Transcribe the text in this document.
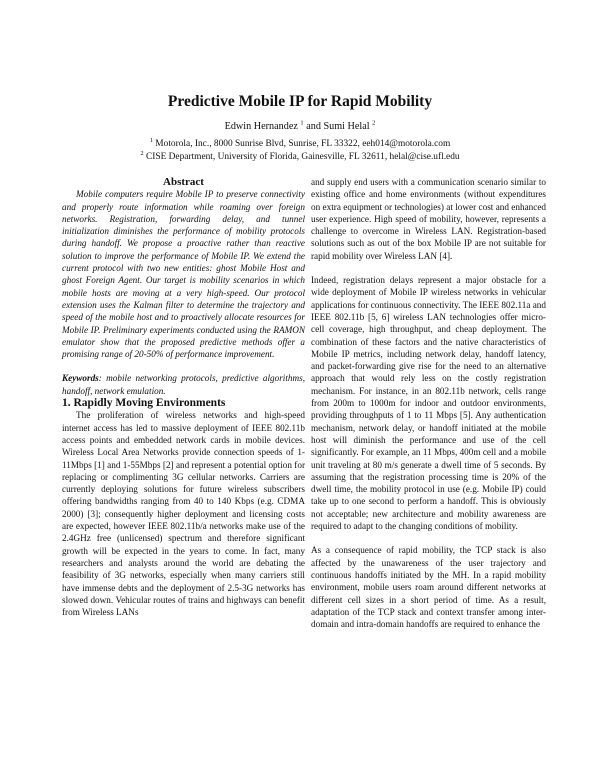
Predictive Mobile IP for Rapid Mobility
Edwin Hernandez $^1$ and Sumi Helal $^2$
$^1$ Motorola, Inc., 8000 Sunrise Blvd, Sunrise, FL 33322, eeh014@motorola.com
$^2$ CISE Department, University of Florida, Gainesville, FL 32611, helal@cise.ufl.edu

Abstract

Mobile computers require Mobile IP to preserve connectivity and properly route information while roaming over foreign networks. Registration, forwarding delay, and tunnel initialization diminishes the performance of mobility protocols during handoff. We propose a proactive rather than reactive solution to improve the performance of Mobile IP. We extend the current protocol with two new entities: ghost Mobile Host and ghost Foreign Agent. Our target is mobility scenarios in which mobile hosts are moving at a very high-speed. Our protocol extension uses the Kalman filter to determine the trajectory and speed of the mobile host and to proactively allocate resources for Mobile IP. Preliminary experiments conducted using the RAMON emulator show that the proposed predictive methods offer a promising range of 20-50% of performance improvement.

Keywords: mobile networking protocols, predictive algorithms, handoff, network emulation.

1. Rapidly Moving Environments

The proliferation of wireless networks and high-speed internet access has led to massive deployment of IEEE 802.11b access points and embedded network cards in mobile devices. Wireless Local Area Networks provide connection speeds of 1-11Mbps [1] and 1-55Mbps [2] and represent a potential option for replacing or complimenting 3G cellular networks. Carriers are currently deploying solutions for future wireless subscribers offering bandwidths ranging from 40 to 140 Kbps (e.g. CDMA 2000) [3]; consequently higher deployment and licensing costs are expected, however IEEE 802.11b/a networks make use of the 2.4GHz free (unlicensed) spectrum and therefore significant growth will be expected in the years to come. In fact, many researchers and analysts around the world are debating the feasibility of 3G networks, especially when many carriers still have immense debts and the deployment of 2.5-3G networks has slowed down. Vehicular routes of trains and highways can benefit from Wireless LANs

and supply end users with a communication scenario similar to existing office and home environments (without expenditures on extra equipment or technologies) at lower cost and enhanced user experience. High speed of mobility, however, represents a challenge to overcome in Wireless LAN. Registration-based solutions such as out of the box Mobile IP are not suitable for rapid mobility over Wireless LAN [4].

Indeed, registration delays represent a major obstacle for a wide deployment of Mobile IP wireless networks in vehicular applications for continuous connectivity. The IEEE 802.11a and IEEE 802.11b [5, 6] wireless LAN technologies offer micro-cell coverage, high throughput, and cheap deployment. The combination of these factors and the native characteristics of Mobile IP metrics, including network delay, handoff latency, and packet-forwarding give rise for the need to an alternative approach that would rely less on the costly registration mechanism. For instance, in an 802.11b network, cells range from 200m to 1000m for indoor and outdoor environments, providing throughputs of 1 to 11 Mbps [5]. Any authentication mechanism, network delay, or handoff initiated at the mobile host will diminish the performance and use of the cell significantly. For example, an 11 Mbps, 400m cell and a mobile unit traveling at 80 m/s generate a dwell time of 5 seconds. By assuming that the registration processing time is 20% of the dwell time, the mobility protocol in use (e.g. Mobile IP) could take up to one second to perform a handoff. This is obviously not acceptable; new architecture and mobility awareness are required to adapt to the changing conditions of mobility.

As a consequence of rapid mobility, the TCP stack is also affected by the unawareness of the user trajectory and continuous handoffs initiated by the MH. In a rapid mobility environment, mobile users roam around different networks at different cell sizes in a short period of time. As a result, adaptation of the TCP stack and context transfer among inter-domain and intra-domain handoffs are required to enhance the
